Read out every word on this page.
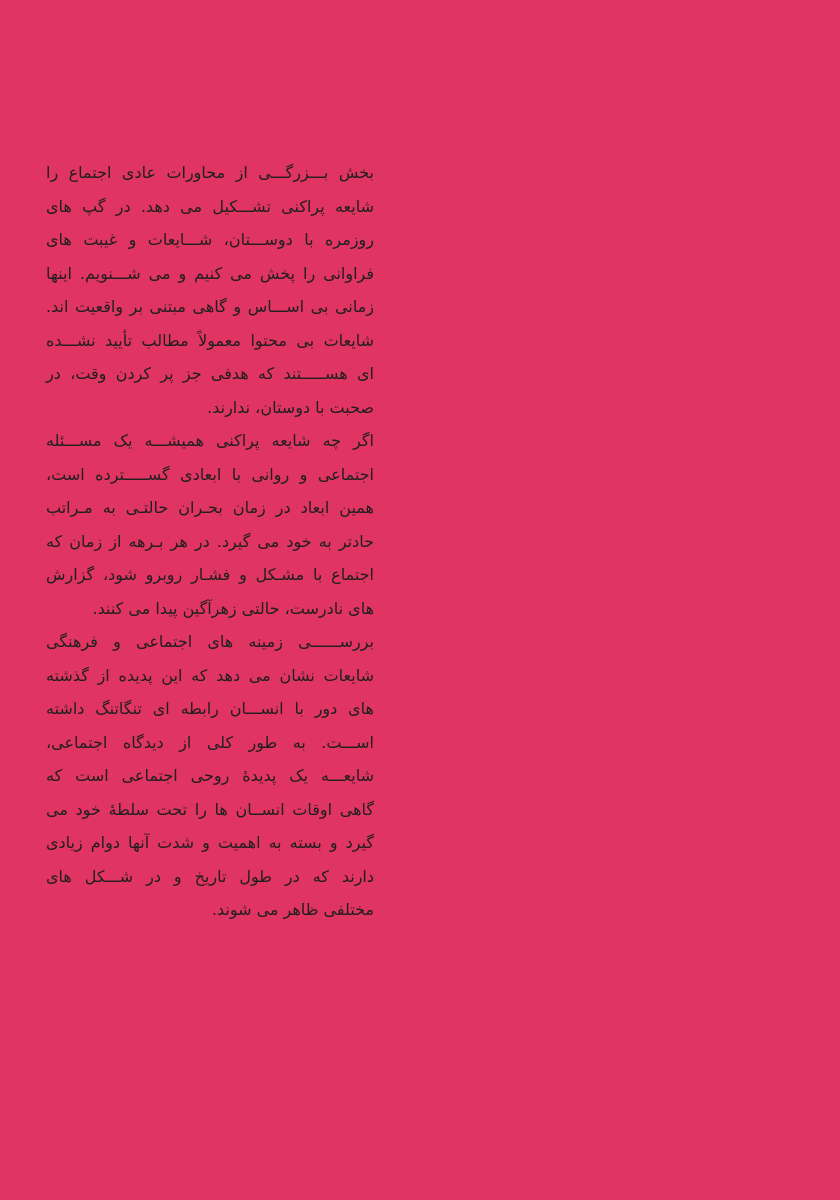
بخش بـــزرگـــی از محاورات عادی اجتماع را
شایعه پراکنی تشـــکیل می دهد. در گپ های
روزمره با دوســـتان، شـــایعات و غیبت های
فراوانی را پخش می کنیم و می شـــنویم. اینها
زمانی بی اســـاس و گاهی مبتنی بر واقعیت اند.
شایعات بی محتوا معمولاً مطالب تأیید نشـــده
ای هســـــتند که هدفی جز پر کردن وقت، در
صحبت با دوستان، ندارند.
اگر چه شایعه پراکنی همیشـــه یک مســـئله
اجتماعی و روانی با ابعادی گســـــترده است،
همین ابعاد در زمان بحـران حالتـی به مـراتب
حادتر به خود می گیرد. در هر بـرهه از زمان که
اجتماع با مشـکل و فشـار روبرو شود، گزارش
های نادرست، حالتی زهرآگین پیدا می کنند.
بررســــــی زمینه های اجتماعی و فرهنگی
شایعات نشان می دهد که این پدیده از گذشته
های دور با انســـان رابطه ای تنگاتنگ داشته
اســـت. به طور کلی از دیدگاه اجتماعی،
شایعـــه یک پدیدهٔ روحی اجتماعی است که
گاهی اوقات انســان ها را تحت سلطهٔ خود می
گیرد و بسته به اهمیت و شدت آنها دوام زیادی
دارند که در طول تاریخ و در شـــکل های
مختلفی ظاهر می شوند.
